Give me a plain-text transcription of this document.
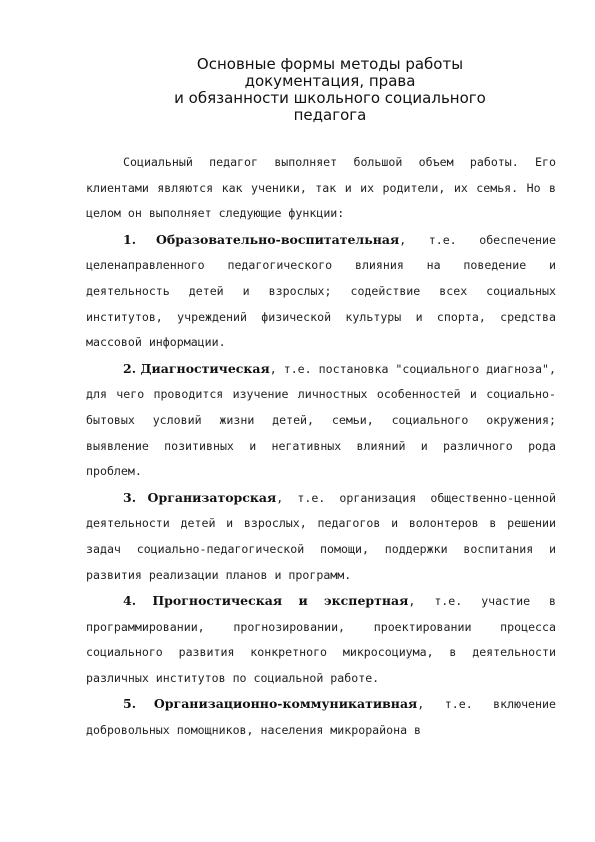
Основные формы методы работы
документация, права
и обязанности школьного социального
педагога

Социальный педагог выполняет большой объем работы. Его клиентами являются как ученики, так и их родители, их семья. Но в целом он выполняет следующие функции:

1. Образовательно-воспитательная, т.е. обеспечение целенаправленного педагогического влияния на поведение и деятельность детей и взрослых; содействие всех социальных институтов, учреждений физической культуры и спорта, средства массовой информации.

2. Диагностическая, т.е. постановка "социального диагноза", для чего проводится изучение личностных особенностей и социально-бытовых условий жизни детей, семьи, социального окружения; выявление позитивных и негативных влияний и различного рода проблем.

3. Организаторская, т.е. организация общественно-ценной деятельности детей и взрослых, педагогов и волонтеров в решении задач социально-педагогической помощи, поддержки воспитания и развития реализации планов и программ.

4. Прогностическая и экспертная, т.е. участие в программировании, прогнозировании, проектировании процесса социального развития конкретного микросоциума, в деятельности различных институтов по социальной работе.

5. Организационно-коммуникативная, т.е. включение добровольных помощников, населения микрорайона в
